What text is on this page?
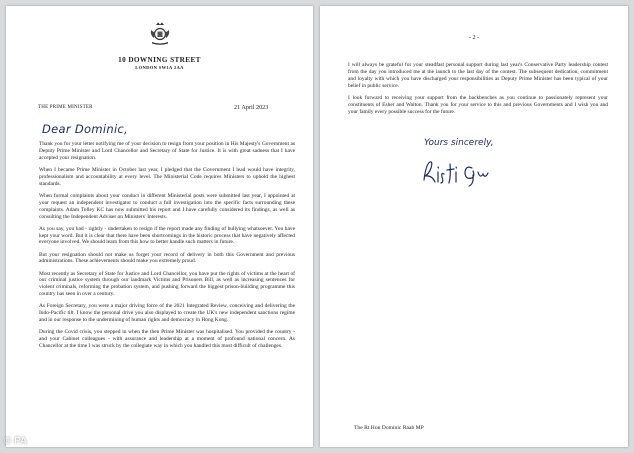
10 DOWNING STREET
LONDON SW1A 2AA
THE PRIME MINISTER	21 April 2023
Dear Dominic,

Thank you for your letter notifying me of your decision to resign from your position in His Majesty's Government as Deputy Prime Minister and Lord Chancellor and Secretary of State for Justice. It is with great sadness that I have accepted your resignation.

When I became Prime Minister in October last year, I pledged that the Government I lead would have integrity, professionalism and accountability at every level. The Ministerial Code requires Ministers to uphold the highest standards.

When formal complaints about your conduct in different Ministerial posts were submitted last year, I appointed at your request an independent investigator to conduct a full investigation into the specific facts surrounding these complaints. Adam Tolley KC has now submitted his report and I have carefully considered its findings, as well as consulting the Independent Adviser on Ministers' Interests.

As you say, you had - rightly - undertaken to resign if the report made any finding of bullying whatsoever. You have kept your word. But it is clear that there have been shortcomings in the historic process that have negatively affected everyone involved. We should learn from this how to better handle such matters in future.

But your resignation should not make us forget your record of delivery in both this Government and previous administrations. These achievements should make you extremely proud.

Most recently as Secretary of State for Justice and Lord Chancellor, you have put the rights of victims at the heart of our criminal justice system through our landmark Victims and Prisoners Bill, as well as increasing sentences for violent criminals, reforming the probation system, and pushing forward the biggest prison-building programme this country has seen in over a century.

As Foreign Secretary, you were a major driving force of the 2021 Integrated Review, conceiving and delivering the Indo-Pacific tilt. I know the personal drive you also displayed to create the UK's new independent sanctions regime and in our response to the undermining of human rights and democracy in Hong Kong.

During the Covid crisis, you stepped in when the then Prime Minister was hospitalised. You provided the country - and your Cabinet colleagues - with assurance and leadership at a moment of profound national concern. As Chancellor at the time I was struck by the collegiate way in which you handled this most difficult of challenges.

- 2 -

I will always be grateful for your steadfast personal support during last year's Conservative Party leadership contest from the day you introduced me at the launch to the last day of the contest. The subsequent dedication, commitment and loyalty with which you have discharged your responsibilities as Deputy Prime Minister has been typical of your belief in public service.

I look forward to receiving your support from the backbenches as you continue to passionately represent your constituents of Esher and Walton. Thank you for your service to this and previous Governments and I wish you and your family every possible success for the future.

Yours sincerely,
The Rt Hon Dominic Raab MP
© PA
